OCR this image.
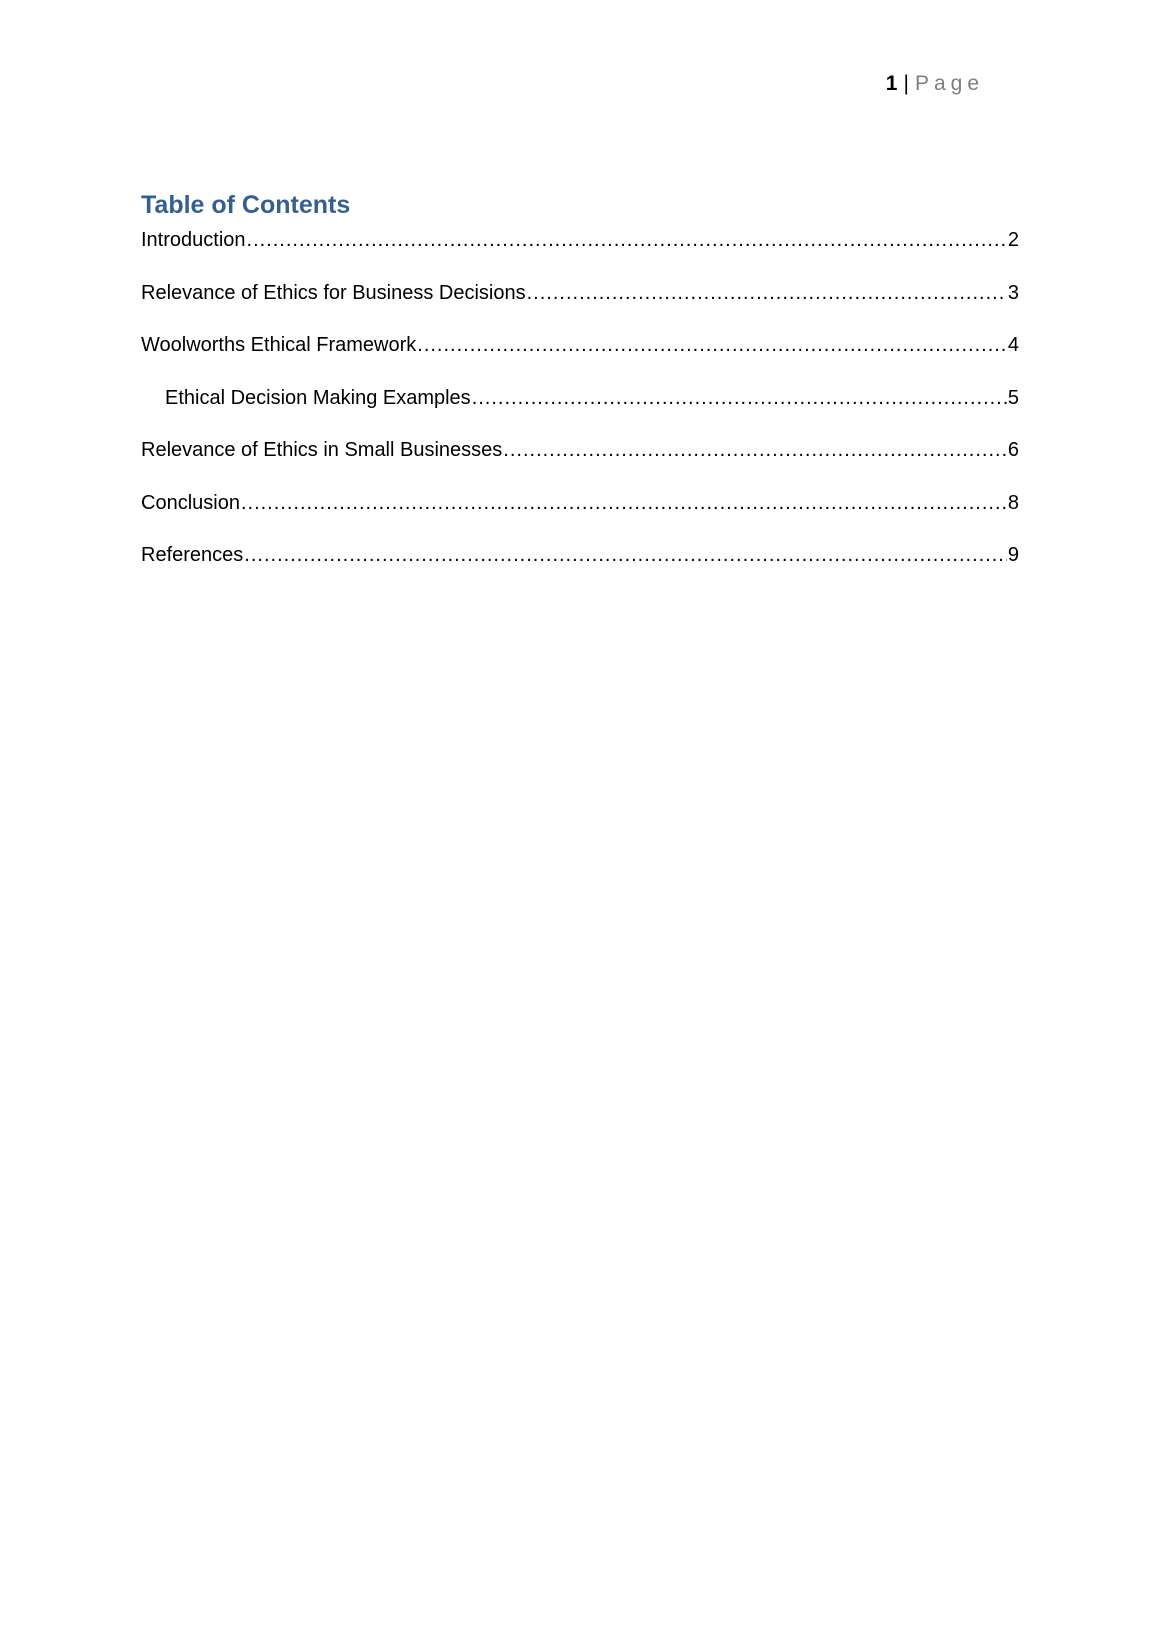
1 | Page
Table of Contents
Introduction .....	2
Relevance of Ethics for Business Decisions .....	3
Woolworths Ethical Framework .....	4
Ethical Decision Making Examples .....	5
Relevance of Ethics in Small Businesses .....	6
Conclusion .....	8
References .....	9
